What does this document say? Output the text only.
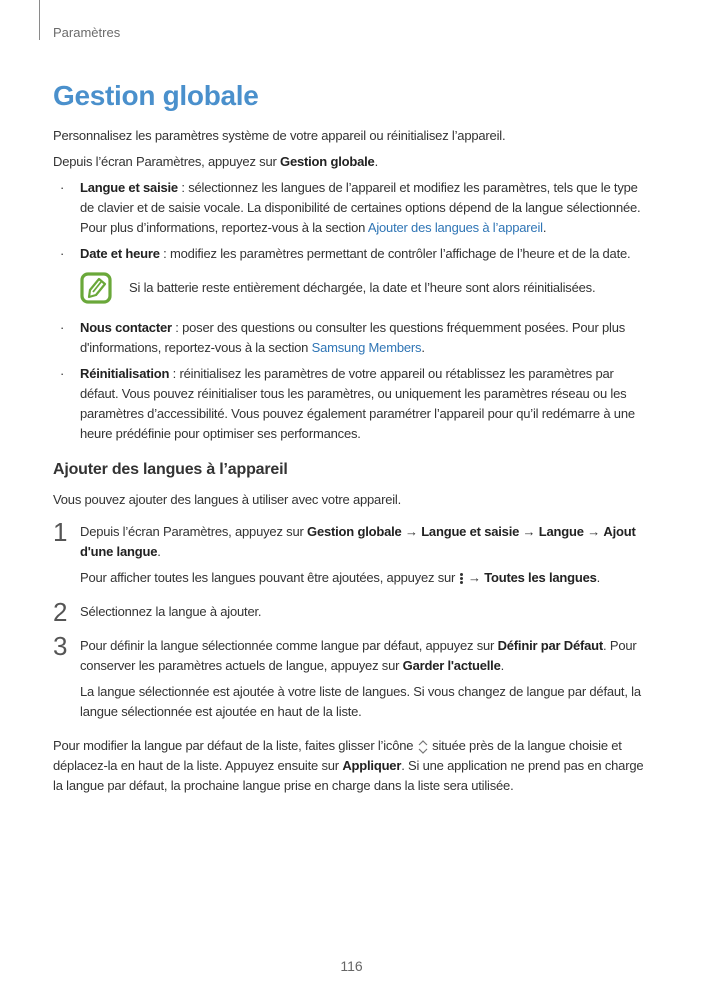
Paramètres
Gestion globale

Personnalisez les paramètres système de votre appareil ou réinitialisez l’appareil.

Depuis l’écran Paramètres, appuyez sur Gestion globale.

· Langue et saisie : sélectionnez les langues de l’appareil et modifiez les paramètres, tels que le type de clavier et de saisie vocale. La disponibilité de certaines options dépend de la langue sélectionnée. Pour plus d’informations, reportez-vous à la section Ajouter des langues à l’appareil.
· Date et heure : modifiez les paramètres permettant de contrôler l’affichage de l’heure et de la date.
Si la batterie reste entièrement déchargée, la date et l’heure sont alors réinitialisées.
· Nous contacter : poser des questions ou consulter les questions fréquemment posées. Pour plus d'informations, reportez-vous à la section Samsung Members.
· Réinitialisation : réinitialisez les paramètres de votre appareil ou rétablissez les paramètres par défaut. Vous pouvez réinitialiser tous les paramètres, ou uniquement les paramètres réseau ou les paramètres d’accessibilité. Vous pouvez également paramétrer l’appareil pour qu’il redémarre à une heure prédéfinie pour optimiser ses performances.
Ajouter des langues à l’appareil

Vous pouvez ajouter des langues à utiliser avec votre appareil.

1 Depuis l’écran Paramètres, appuyez sur Gestion globale → Langue et saisie → Langue → Ajout d'une langue.

Pour afficher toutes les langues pouvant être ajoutées, appuyez sur
→ Toutes les langues.

2 Sélectionnez la langue à ajouter.

3 Pour définir la langue sélectionnée comme langue par défaut, appuyez sur Définir par Défaut. Pour conserver les paramètres actuels de langue, appuyez sur Garder l'actuelle.

La langue sélectionnée est ajoutée à votre liste de langues. Si vous changez de langue par défaut, la langue sélectionnée est ajoutée en haut de la liste.

Pour modifier la langue par défaut de la liste, faites glisser l’icône  située près de la langue choisie et déplacez-la en haut de la liste. Appuyez ensuite sur Appliquer. Si une application ne prend pas en charge la langue par défaut, la prochaine langue prise en charge dans la liste sera utilisée.

116
